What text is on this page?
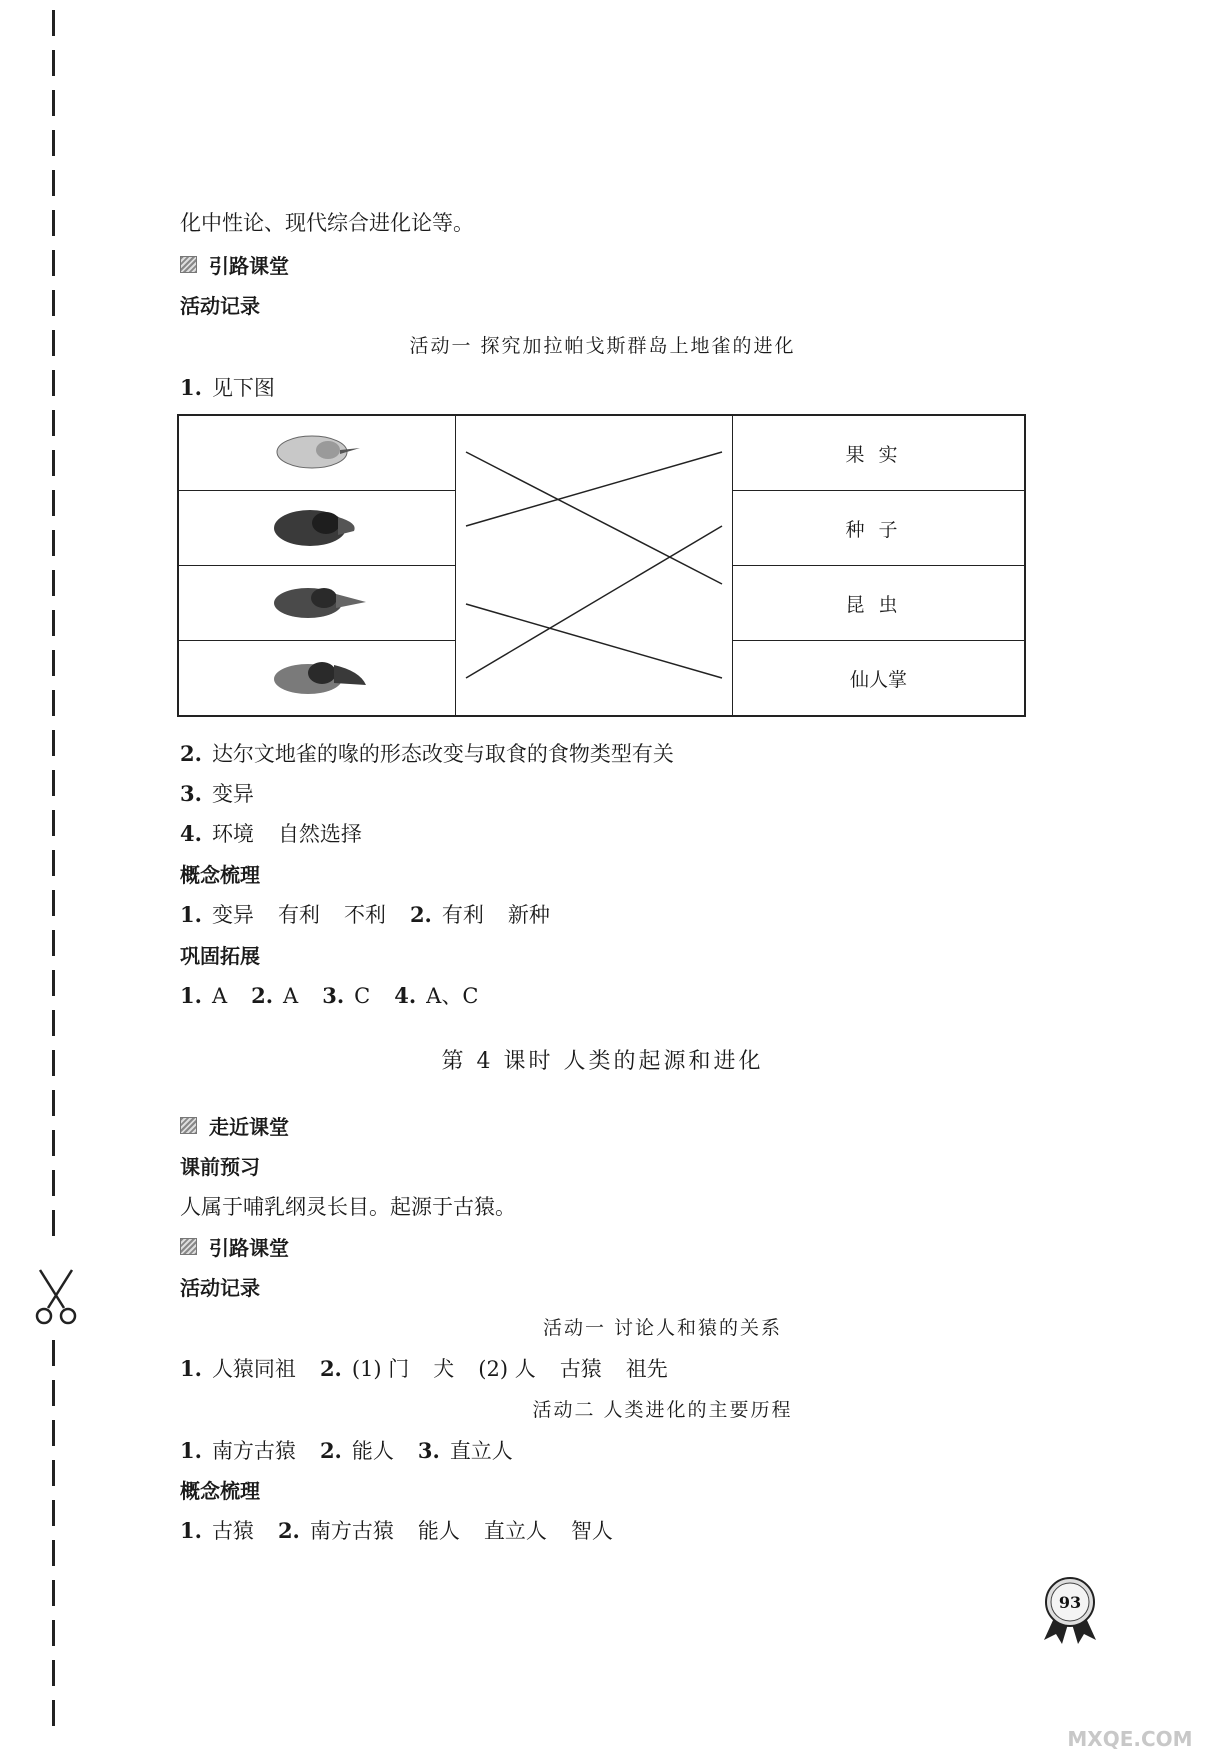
化中性论、现代综合进化论等。
引路课堂
活动记录
活动一 探究加拉帕戈斯群岛上地雀的进化
1. 见下图

	果实
	种子
	昆虫
	仙人掌
2. 达尔文地雀的喙的形态改变与取食的食物类型有关
3. 变异
4. 环境 自然选择
概念梳理
1. 变异 有利 不利 2. 有利 新种
巩固拓展
1. A 2. A 3. C 4. A、C
第 4 课时 人类的起源和进化
走近课堂
课前预习
人属于哺乳纲灵长目。起源于古猿。
引路课堂
活动记录
活动一 讨论人和猿的关系
1. 人猿同祖 2. (1) 门 犬 (2) 人 古猿 祖先
活动二 人类进化的主要历程
1. 南方古猿 2. 能人 3. 直立人
概念梳理
1. 古猿 2. 南方古猿 能人 直立人 智人
93
MXQE.COM
